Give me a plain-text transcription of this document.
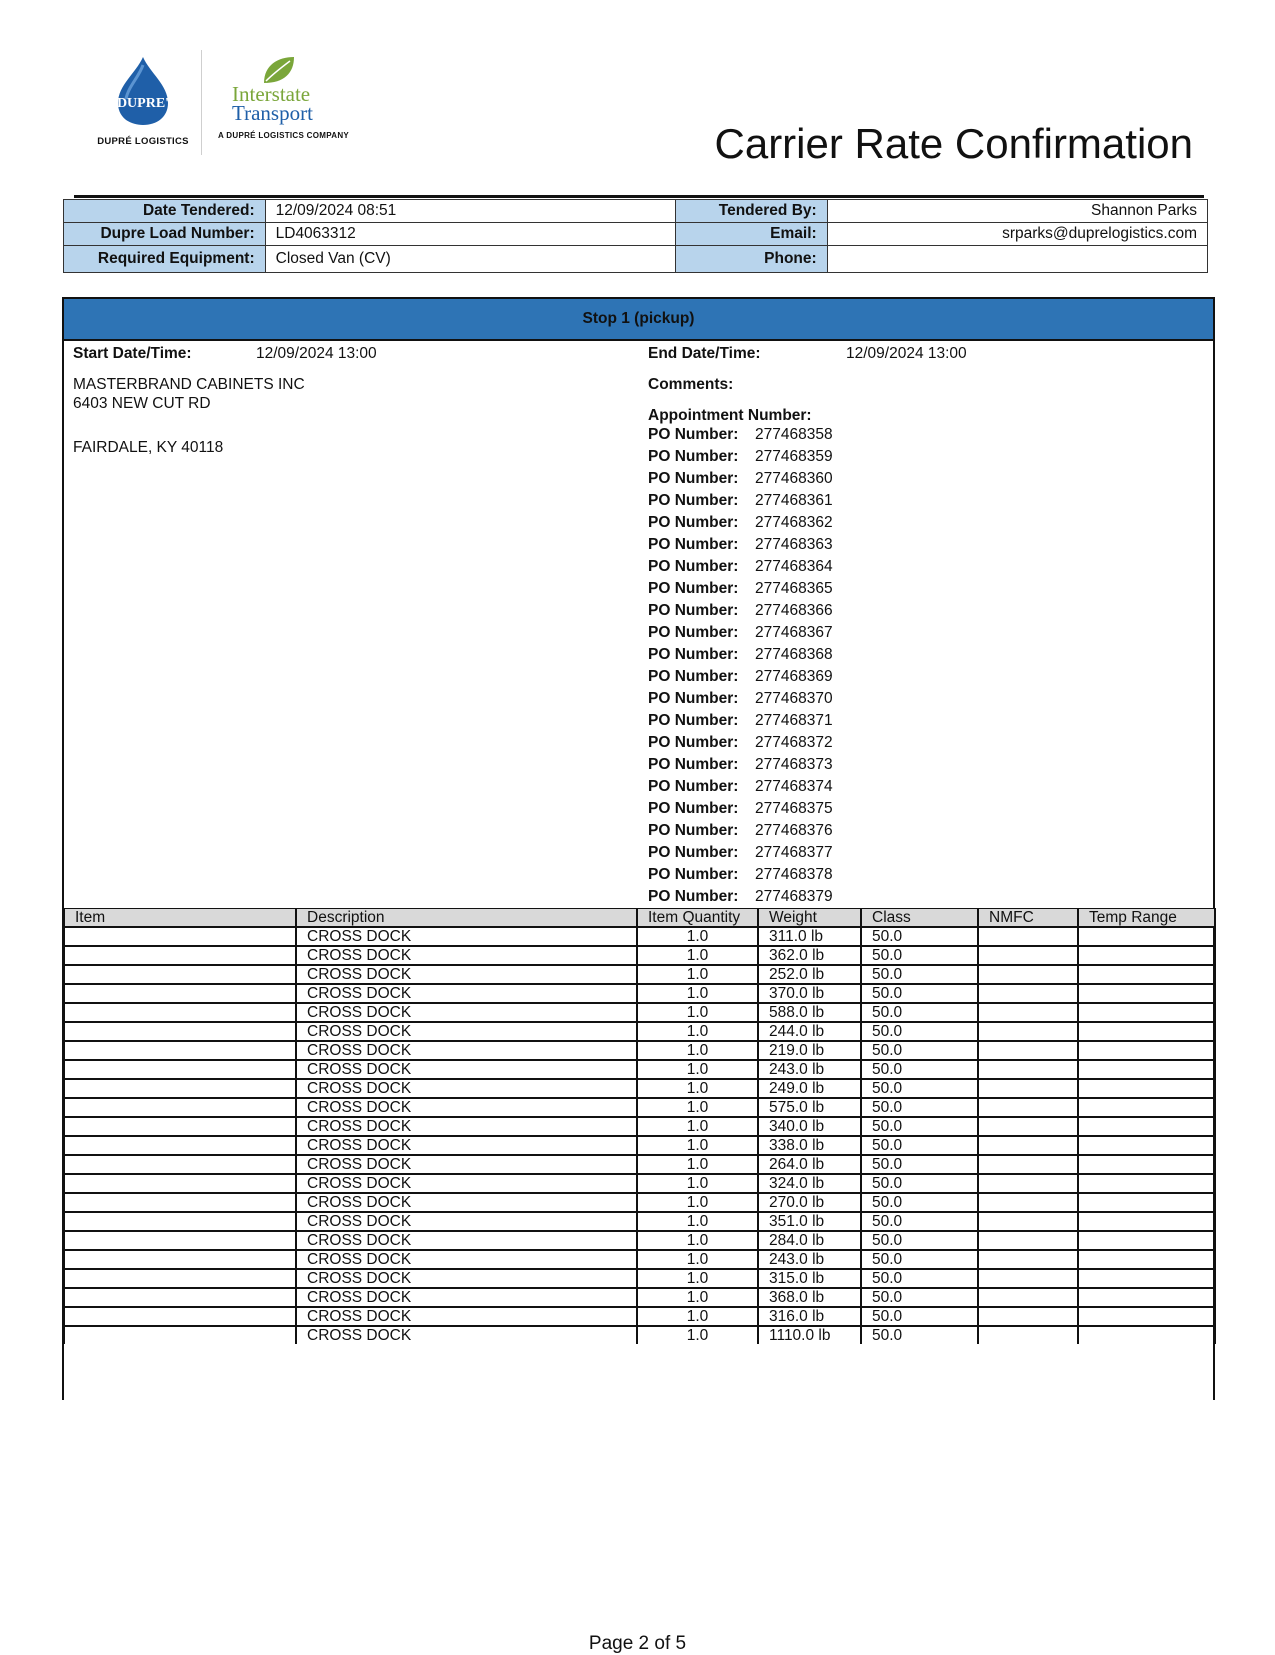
DUPRE'
DUPRÉ LOGISTICS
Interstate
Transport
A DUPRÉ LOGISTICS COMPANY	Carrier Rate Confirmation
Date Tendered:	12/09/2024 08:51	Tendered By:	Shannon Parks
Dupre Load Number:	LD4063312	Email:	srparks@duprelogistics.com
Required Equipment:	Closed Van (CV)	Phone:	
Stop 1 (pickup)
Start Date/Time:	12/09/2024 13:00	End Date/Time:	12/09/2024 13:00
MASTERBRAND CABINETS INC
6403 NEW CUT RD
FAIRDALE, KY 40118
Comments:
Appointment Number:
PO Number: 277468358
PO Number: 277468359
PO Number: 277468360
PO Number: 277468361
PO Number: 277468362
PO Number: 277468363
PO Number: 277468364
PO Number: 277468365
PO Number: 277468366
PO Number: 277468367
PO Number: 277468368
PO Number: 277468369
PO Number: 277468370
PO Number: 277468371
PO Number: 277468372
PO Number: 277468373
PO Number: 277468374
PO Number: 277468375
PO Number: 277468376
PO Number: 277468377
PO Number: 277468378
PO Number: 277468379
Item	Description	Item Quantity	Weight	Class	NMFC	Temp Range
	CROSS DOCK	1.0	311.0 lb	50.0		
	CROSS DOCK	1.0	362.0 lb	50.0		
	CROSS DOCK	1.0	252.0 lb	50.0		
	CROSS DOCK	1.0	370.0 lb	50.0		
	CROSS DOCK	1.0	588.0 lb	50.0		
	CROSS DOCK	1.0	244.0 lb	50.0		
	CROSS DOCK	1.0	219.0 lb	50.0		
	CROSS DOCK	1.0	243.0 lb	50.0		
	CROSS DOCK	1.0	249.0 lb	50.0		
	CROSS DOCK	1.0	575.0 lb	50.0		
	CROSS DOCK	1.0	340.0 lb	50.0		
	CROSS DOCK	1.0	338.0 lb	50.0		
	CROSS DOCK	1.0	264.0 lb	50.0		
	CROSS DOCK	1.0	324.0 lb	50.0		
	CROSS DOCK	1.0	270.0 lb	50.0		
	CROSS DOCK	1.0	351.0 lb	50.0		
	CROSS DOCK	1.0	284.0 lb	50.0		
	CROSS DOCK	1.0	243.0 lb	50.0		
	CROSS DOCK	1.0	315.0 lb	50.0		
	CROSS DOCK	1.0	368.0 lb	50.0		
	CROSS DOCK	1.0	316.0 lb	50.0		
	CROSS DOCK	1.0	1110.0 lb	50.0		
Page 2 of 5
